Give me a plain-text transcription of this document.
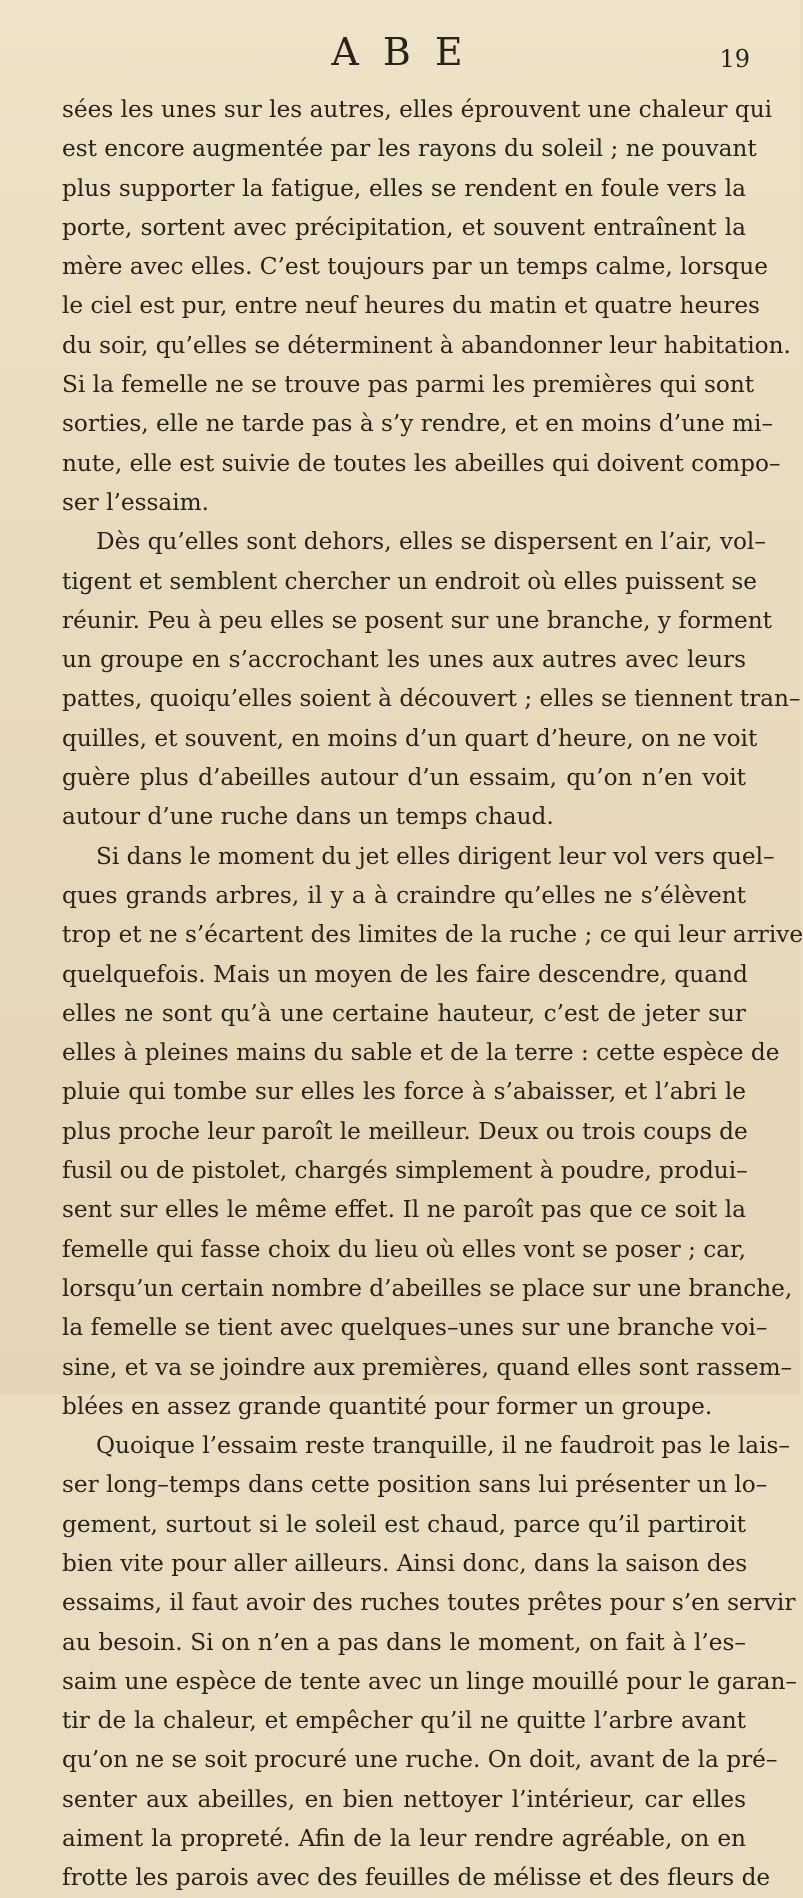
A B E	19
sées les unes sur les autres, elles éprouvent une chaleur qui
est encore augmentée par les rayons du soleil ; ne pouvant
plus supporter la fatigue, elles se rendent en foule vers la
porte, sortent avec précipitation, et souvent entraînent la
mère avec elles. C’est toujours par un temps calme, lorsque
le ciel est pur, entre neuf heures du matin et quatre heures
du soir, qu’elles se déterminent à abandonner leur habitation.
Si la femelle ne se trouve pas parmi les premières qui sont
sorties, elle ne tarde pas à s’y rendre, et en moins d’une mi–
nute, elle est suivie de toutes les abeilles qui doivent compo–
ser l’essaim.
Dès qu’elles sont dehors, elles se dispersent en l’air, vol–
tigent et semblent chercher un endroit où elles puissent se
réunir. Peu à peu elles se posent sur une branche, y forment
un groupe en s’accrochant les unes aux autres avec leurs
pattes, quoiqu’elles soient à découvert ; elles se tiennent tran–
quilles, et souvent, en moins d’un quart d’heure, on ne voit
guère plus d’abeilles autour d’un essaim, qu’on n’en voit
autour d’une ruche dans un temps chaud.
Si dans le moment du jet elles dirigent leur vol vers quel–
ques grands arbres, il y a à craindre qu’elles ne s’élèvent
trop et ne s’écartent des limites de la ruche ; ce qui leur arrive
quelquefois. Mais un moyen de les faire descendre, quand
elles ne sont qu’à une certaine hauteur, c’est de jeter sur
elles à pleines mains du sable et de la terre : cette espèce de
pluie qui tombe sur elles les force à s’abaisser, et l’abri le
plus proche leur paroît le meilleur. Deux ou trois coups de
fusil ou de pistolet, chargés simplement à poudre, produi–
sent sur elles le même effet. Il ne paroît pas que ce soit la
femelle qui fasse choix du lieu où elles vont se poser ; car,
lorsqu’un certain nombre d’abeilles se place sur une branche,
la femelle se tient avec quelques–unes sur une branche voi–
sine, et va se joindre aux premières, quand elles sont rassem–
blées en assez grande quantité pour former un groupe.
Quoique l’essaim reste tranquille, il ne faudroit pas le lais–
ser long–temps dans cette position sans lui présenter un lo–
gement, surtout si le soleil est chaud, parce qu’il partiroit
bien vite pour aller ailleurs. Ainsi donc, dans la saison des
essaims, il faut avoir des ruches toutes prêtes pour s’en servir
au besoin. Si on n’en a pas dans le moment, on fait à l’es–
saim une espèce de tente avec un linge mouillé pour le garan–
tir de la chaleur, et empêcher qu’il ne quitte l’arbre avant
qu’on ne se soit procuré une ruche. On doit, avant de la pré–
senter aux abeilles, en bien nettoyer l’intérieur, car elles
aiment la propreté. Afin de la leur rendre agréable, on en
frotte les parois avec des feuilles de mélisse et des fleurs de
